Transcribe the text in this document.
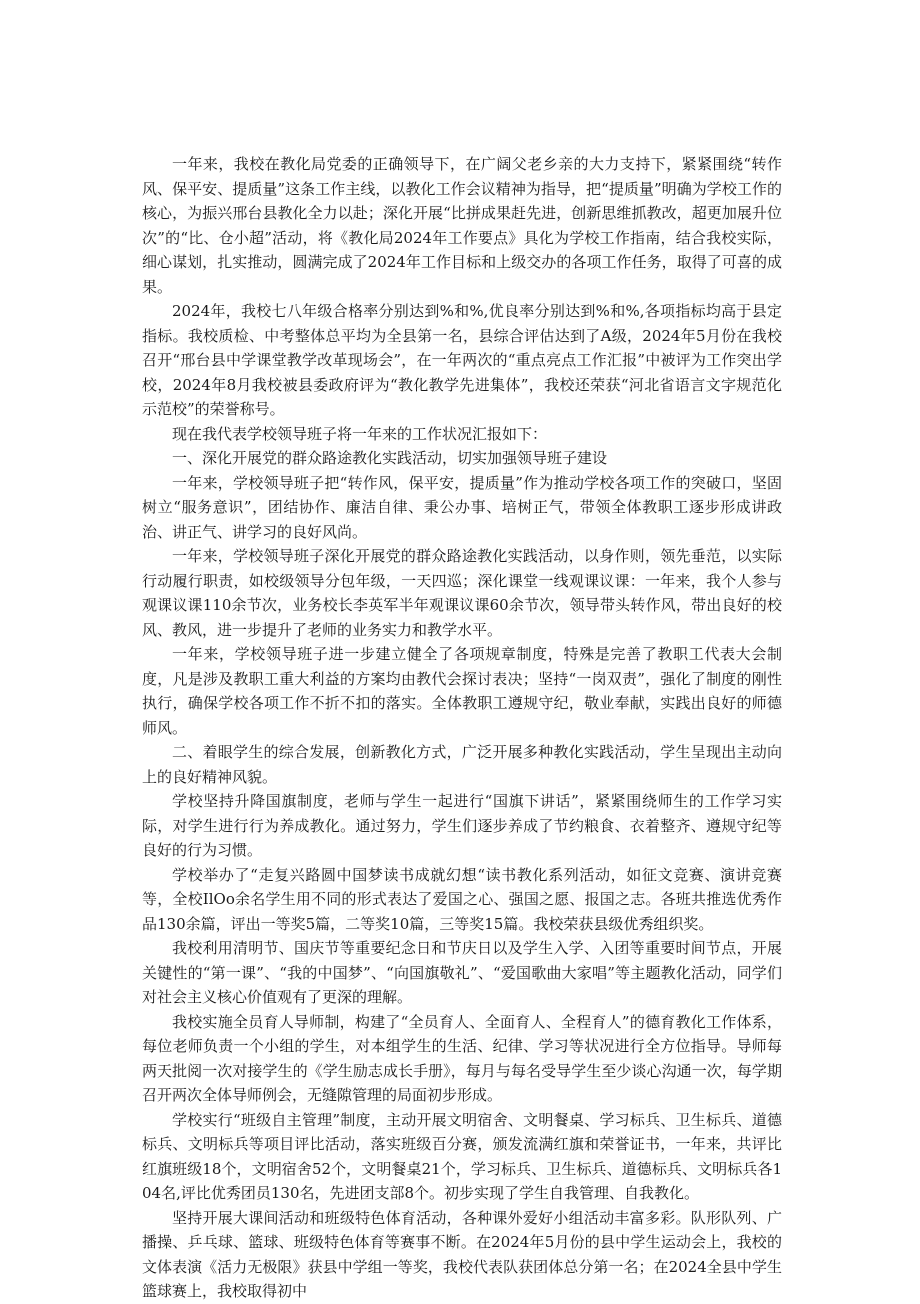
一年来，我校在教化局党委的正确领导下，在广阔父老乡亲的大力支持下，紧紧围绕“转作风、保平安、提质量”这条工作主线，以教化工作会议精神为指导，把“提质量”明确为学校工作的核心，为振兴邢台县教化全力以赴；深化开展“比拼成果赶先进，创新思维抓教改，超更加展升位次”的“比、仓小超”活动，将《教化局2024年工作要点》具化为学校工作指南，结合我校实际，细心谋划，扎实推动，圆满完成了2024年工作目标和上级交办的各项工作任务，取得了可喜的成果。

2024年，我校七八年级合格率分别达到%和%,优良率分别达到%和%,各项指标均高于县定指标。我校质检、中考整体总平均为全县第一名，县综合评估达到了A级，2024年5月份在我校召开“邢台县中学课堂教学改革现场会”，在一年两次的“重点亮点工作汇报”中被评为工作突出学校，2024年8月我校被县委政府评为“教化教学先进集体”，我校还荣获“河北省语言文字规范化示范校”的荣誉称号。

现在我代表学校领导班子将一年来的工作状况汇报如下：

一、深化开展党的群众路途教化实践活动，切实加强领导班子建设

一年来，学校领导班子把“转作风，保平安，提质量”作为推动学校各项工作的突破口，坚固树立“服务意识”，团结协作、廉洁自律、秉公办事、培树正气，带领全体教职工逐步形成讲政治、讲正气、讲学习的良好风尚。

一年来，学校领导班子深化开展党的群众路途教化实践活动，以身作则，领先垂范，以实际行动履行职责，如校级领导分包年级，一天四巡；深化课堂一线观课议课：一年来，我个人参与观课议课110余节次，业务校长李英军半年观课议课60余节次，领导带头转作风，带出良好的校风、教风，进一步提升了老师的业务实力和教学水平。

一年来，学校领导班子进一步建立健全了各项规章制度，特殊是完善了教职工代表大会制度，凡是涉及教职工重大利益的方案均由教代会探讨表决；坚持“一岗双责”，强化了制度的刚性执行，确保学校各项工作不折不扣的落实。全体教职工遵规守纪，敬业奉献，实践出良好的师德师风。

二、着眼学生的综合发展，创新教化方式，广泛开展多种教化实践活动，学生呈现出主动向上的良好精神风貌。

学校坚持升降国旗制度，老师与学生一起进行“国旗下讲话”，紧紧围绕师生的工作学习实际，对学生进行行为养成教化。通过努力，学生们逐步养成了节约粮食、衣着整齐、遵规守纪等良好的行为习惯。

学校举办了“走复兴路圆中国梦读书成就幻想“读书教化系列活动，如征文竞赛、演讲竞赛等，全校IlOo余名学生用不同的形式表达了爱国之心、强国之愿、报国之志。各班共推选优秀作品130余篇，评出一等奖5篇，二等奖10篇，三等奖15篇。我校荣获县级优秀组织奖。

我校利用清明节、国庆节等重要纪念日和节庆日以及学生入学、入团等重要时间节点，开展关键性的“第一课”、“我的中国梦”、“向国旗敬礼”、“爱国歌曲大家唱”等主题教化活动，同学们对社会主义核心价值观有了更深的理解。

我校实施全员育人导师制，构建了“全员育人、全面育人、全程育人”的德育教化工作体系，每位老师负责一个小组的学生，对本组学生的生活、纪律、学习等状况进行全方位指导。导师每两天批阅一次对接学生的《学生励志成长手册》，每月与每名受导学生至少谈心沟通一次，每学期召开两次全体导师例会，无缝隙管理的局面初步形成。

学校实行“班级自主管理”制度，主动开展文明宿舍、文明餐桌、学习标兵、卫生标兵、道德标兵、文明标兵等项目评比活动，落实班级百分赛，颁发流满红旗和荣誉证书，一年来，共评比红旗班级18个，文明宿舍52个，文明餐桌21个，学习标兵、卫生标兵、道德标兵、文明标兵各104名,评比优秀团员130名，先进团支部8个。初步实现了学生自我管理、自我教化。

坚持开展大课间活动和班级特色体育活动，各种课外爱好小组活动丰富多彩。队形队列、广播操、乒乓球、篮球、班级特色体育等赛事不断。在2024年5月份的县中学生运动会上，我校的文体表演《活力无极限》获县中学组一等奖，我校代表队获团体总分第一名；在2024全县中学生篮球赛上，我校取得初中
